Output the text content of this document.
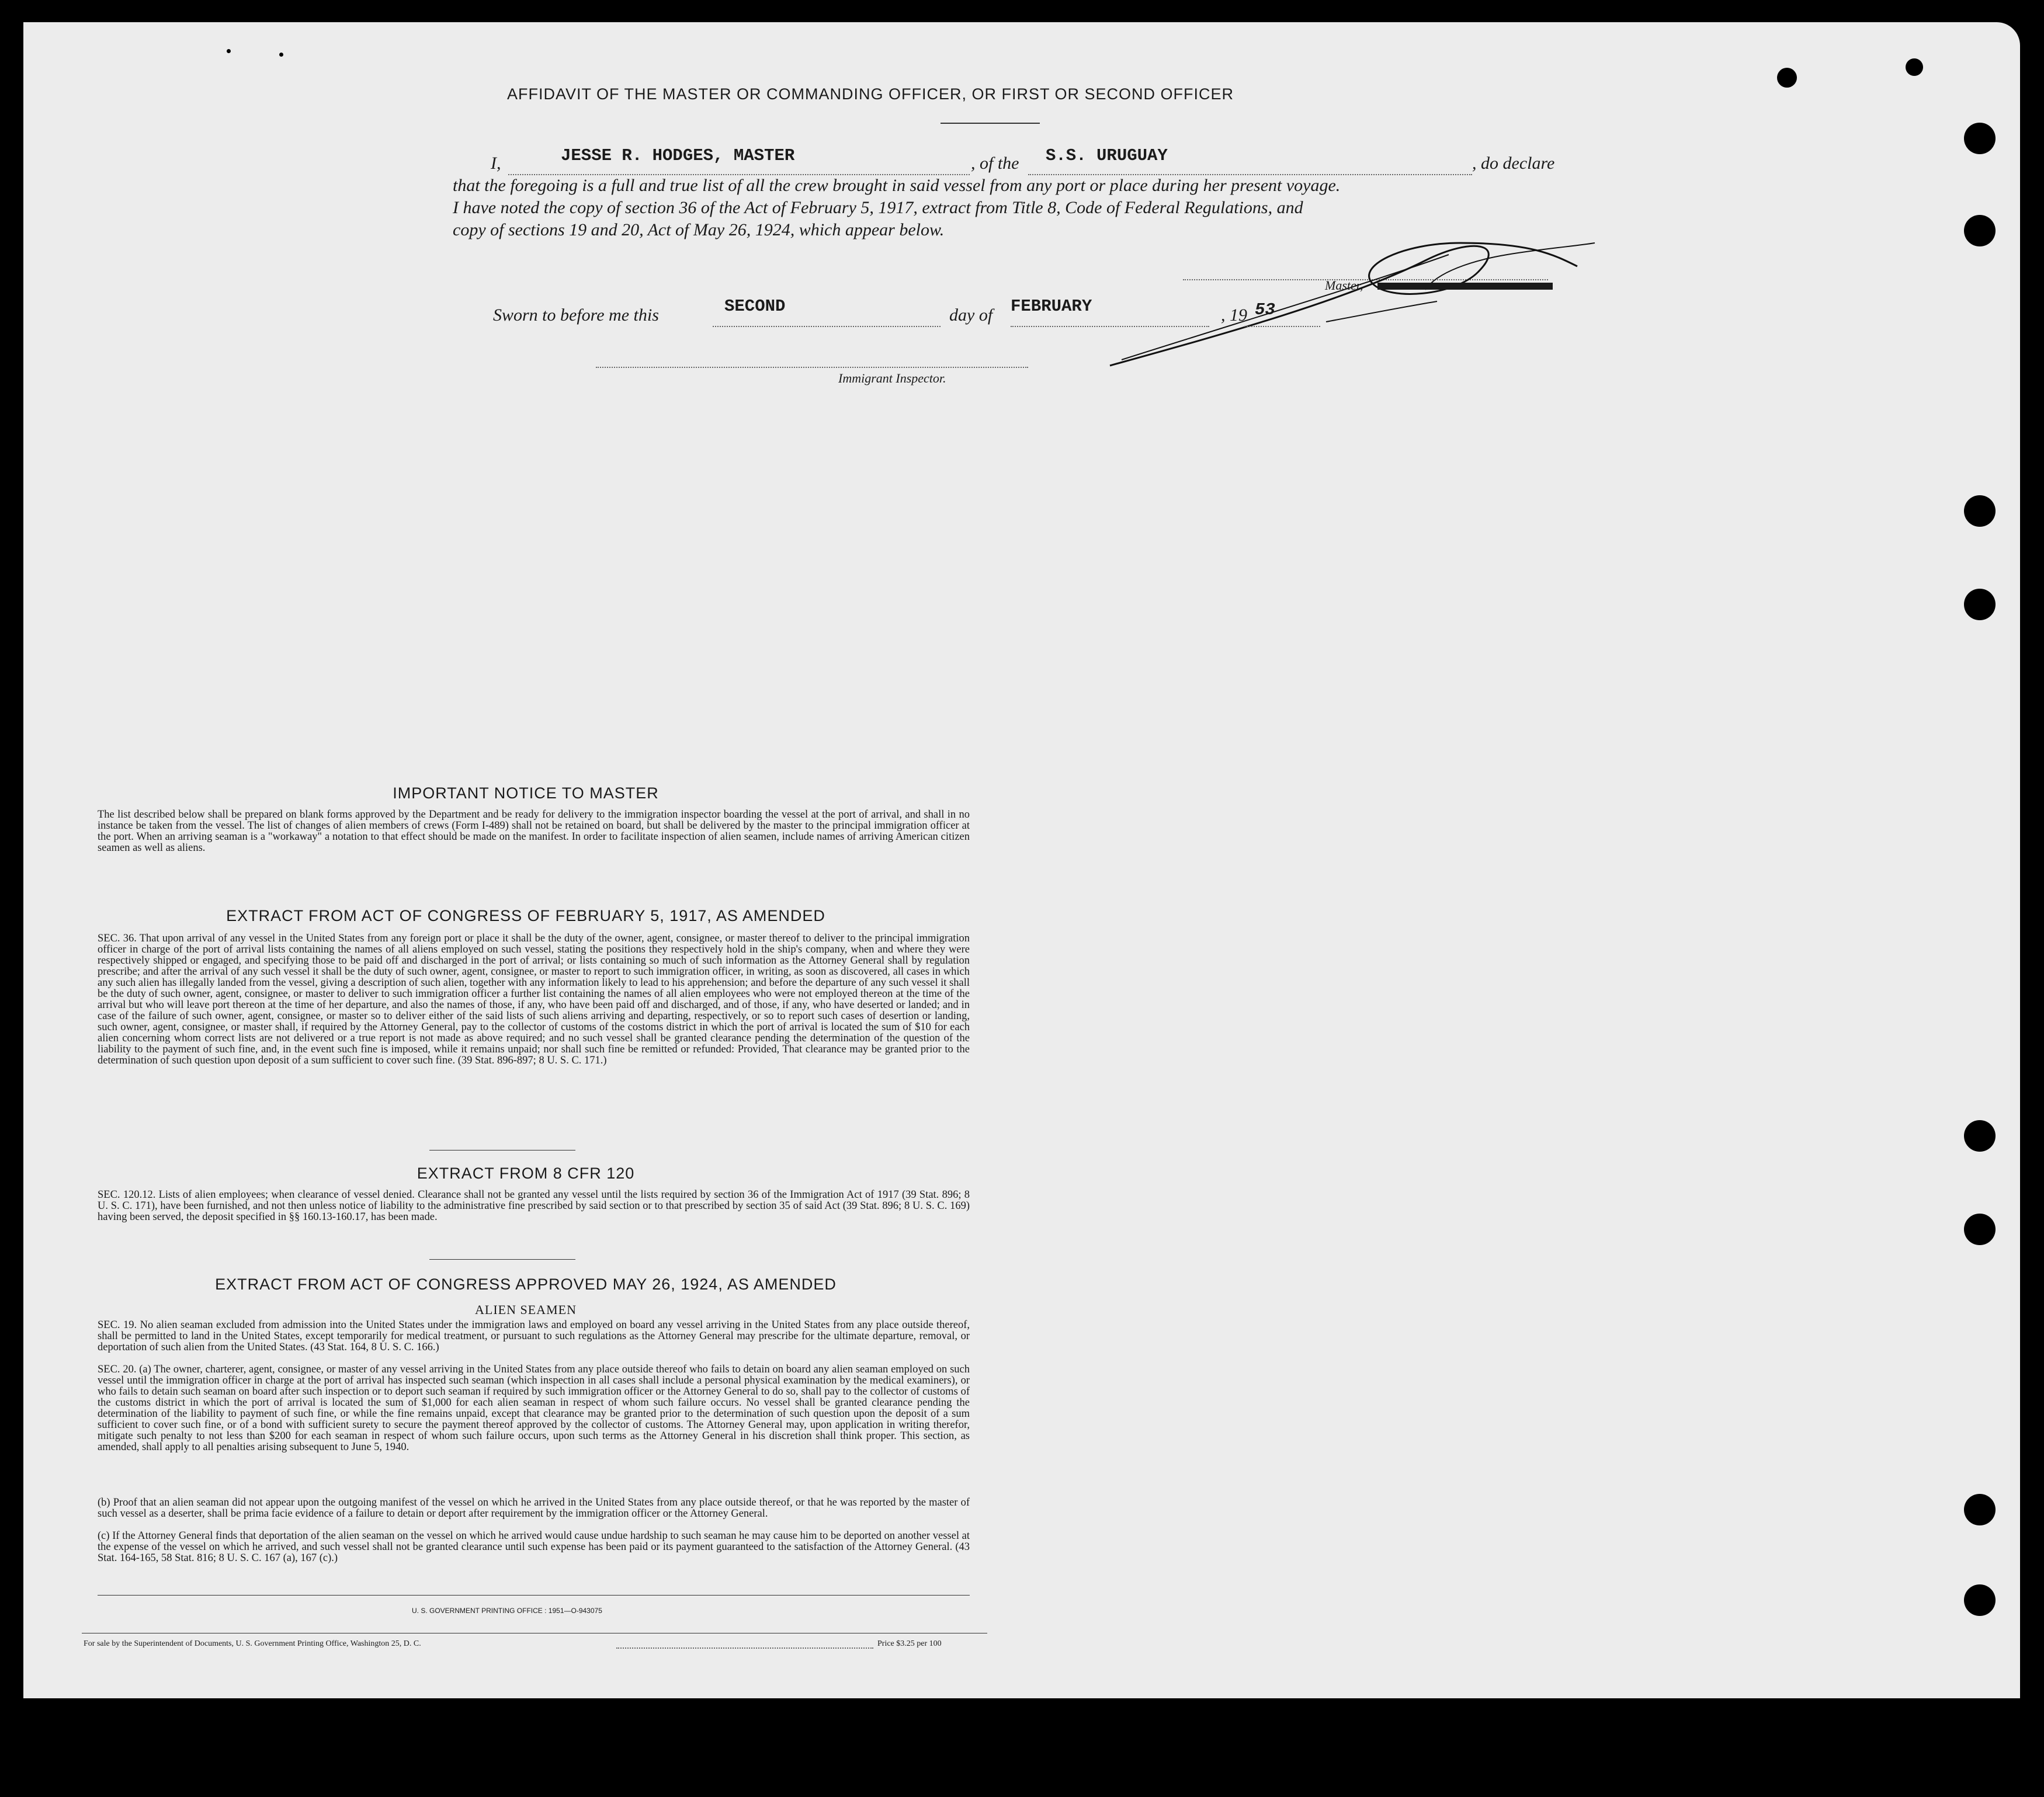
AFFIDAVIT OF THE MASTER OR COMMANDING OFFICER, OR FIRST OR SECOND OFFICER
I,	JESSE R. HODGES, MASTER	, of the S.S. URUGUAY	, do declare
that the foregoing is a full and true list of all the crew brought in said vessel from any port or place during her present voyage.
I have noted the copy of section 36 of the Act of February 5, 1917, extract from Title 8, Code of Federal Regulations, and
copy of sections 19 and 20, Act of May 26, 1924, which appear below.
Master,
Sworn to before me this	SECOND	day of FEBRUARY	, 19 53
Immigrant Inspector.
IMPORTANT NOTICE TO MASTER
The list described below shall be prepared on blank forms approved by the Department and be ready for delivery to the immigration inspector boarding the vessel at the port of arrival, and shall in no instance be taken from the vessel. The list of changes of alien members of crews (Form I-489) shall not be retained on board, but shall be delivered by the master to the principal immigration officer at the port. When an arriving seaman is a "workaway" a notation to that effect should be made on the manifest. In order to facilitate inspection of alien seamen, include names of arriving American citizen seamen as well as aliens.
EXTRACT FROM ACT OF CONGRESS OF FEBRUARY 5, 1917, AS AMENDED
SEC. 36. That upon arrival of any vessel in the United States from any foreign port or place it shall be the duty of the owner, agent, consignee, or master thereof to deliver to the principal immigration officer in charge of the port of arrival lists containing the names of all aliens employed on such vessel, stating the positions they respectively hold in the ship's company, when and where they were respectively shipped or engaged, and specifying those to be paid off and discharged in the port of arrival; or lists containing so much of such information as the Attorney General shall by regulation prescribe; and after the arrival of any such vessel it shall be the duty of such owner, agent, consignee, or master to report to such immigration officer, in writing, as soon as discovered, all cases in which any such alien has illegally landed from the vessel, giving a description of such alien, together with any information likely to lead to his apprehension; and before the departure of any such vessel it shall be the duty of such owner, agent, consignee, or master to deliver to such immigration officer a further list containing the names of all alien employees who were not employed thereon at the time of the arrival but who will leave port thereon at the time of her departure, and also the names of those, if any, who have been paid off and discharged, and of those, if any, who have deserted or landed; and in case of the failure of such owner, agent, consignee, or master so to deliver either of the said lists of such aliens arriving and departing, respectively, or so to report such cases of desertion or landing, such owner, agent, consignee, or master shall, if required by the Attorney General, pay to the collector of customs of the costoms district in which the port of arrival is located the sum of $10 for each alien concerning whom correct lists are not delivered or a true report is not made as above required; and no such vessel shall be granted clearance pending the determination of the question of the liability to the payment of such fine, and, in the event such fine is imposed, while it remains unpaid; nor shall such fine be remitted or refunded: Provided, That clearance may be granted prior to the determination of such question upon deposit of a sum sufficient to cover such fine. (39 Stat. 896-897; 8 U. S. C. 171.)
EXTRACT FROM 8 CFR 120
SEC. 120.12. Lists of alien employees; when clearance of vessel denied. Clearance shall not be granted any vessel until the lists required by section 36 of the Immigration Act of 1917 (39 Stat. 896; 8 U. S. C. 171), have been furnished, and not then unless notice of liability to the administrative fine prescribed by said section or to that prescribed by section 35 of said Act (39 Stat. 896; 8 U. S. C. 169) having been served, the deposit specified in §§ 160.13-160.17, has been made.
EXTRACT FROM ACT OF CONGRESS APPROVED MAY 26, 1924, AS AMENDED
ALIEN SEAMEN
SEC. 19. No alien seaman excluded from admission into the United States under the immigration laws and employed on board any vessel arriving in the United States from any place outside thereof, shall be permitted to land in the United States, except temporarily for medical treatment, or pursuant to such regulations as the Attorney General may prescribe for the ultimate departure, removal, or deportation of such alien from the United States. (43 Stat. 164, 8 U. S. C. 166.)
SEC. 20. (a) The owner, charterer, agent, consignee, or master of any vessel arriving in the United States from any place outside thereof who fails to detain on board any alien seaman employed on such vessel until the immigration officer in charge at the port of arrival has inspected such seaman (which inspection in all cases shall include a personal physical examination by the medical examiners), or who fails to detain such seaman on board after such inspection or to deport such seaman if required by such immigration officer or the Attorney General to do so, shall pay to the collector of customs of the customs district in which the port of arrival is located the sum of $1,000 for each alien seaman in respect of whom such failure occurs. No vessel shall be granted clearance pending the determination of the liability to payment of such fine, or while the fine remains unpaid, except that clearance may be granted prior to the determination of such question upon the deposit of a sum sufficient to cover such fine, or of a bond with sufficient surety to secure the payment thereof approved by the collector of customs. The Attorney General may, upon application in writing therefor, mitigate such penalty to not less than $200 for each seaman in respect of whom such failure occurs, upon such terms as the Attorney General in his discretion shall think proper. This section, as amended, shall apply to all penalties arising subsequent to June 5, 1940.
(b) Proof that an alien seaman did not appear upon the outgoing manifest of the vessel on which he arrived in the United States from any place outside thereof, or that he was reported by the master of such vessel as a deserter, shall be prima facie evidence of a failure to detain or deport after requirement by the immigration officer or the Attorney General.
(c) If the Attorney General finds that deportation of the alien seaman on the vessel on which he arrived would cause undue hardship to such seaman he may cause him to be deported on another vessel at the expense of the vessel on which he arrived, and such vessel shall not be granted clearance until such expense has been paid or its payment guaranteed to the satisfaction of the Attorney General. (43 Stat. 164-165, 58 Stat. 816; 8 U. S. C. 167 (a), 167 (c).)
U. S. GOVERNMENT PRINTING OFFICE : 1951—O-943075
For sale by the Superintendent of Documents, U. S. Government Printing Office, Washington 25, D. C.	Price $3.25 per 100
